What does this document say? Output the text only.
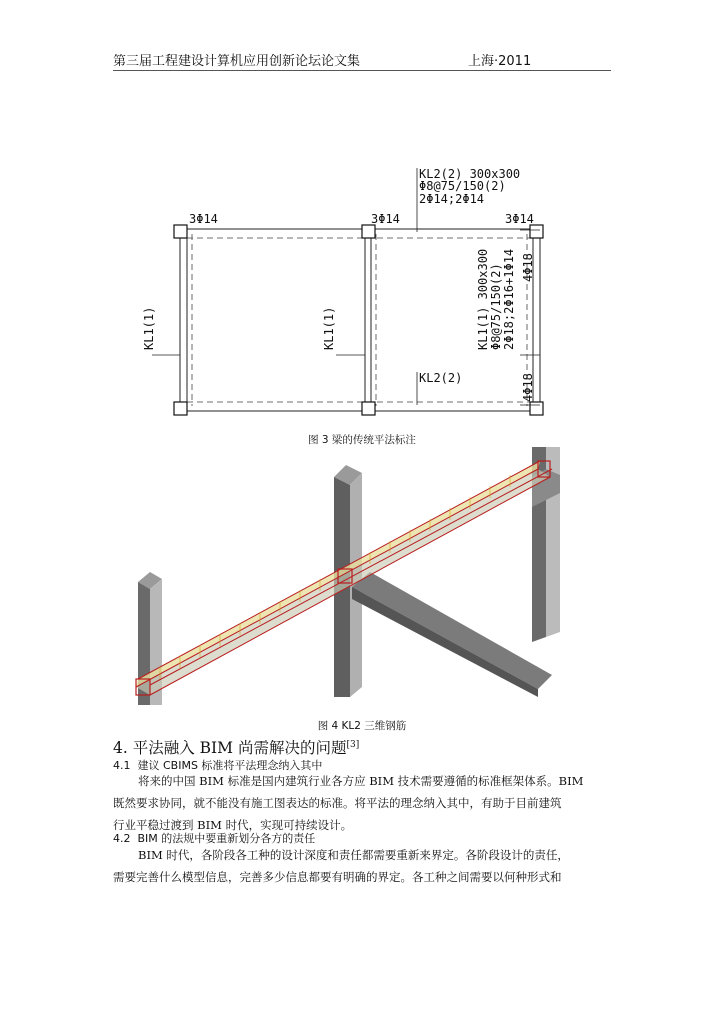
第三届工程建设计算机应用创新论坛论文集	上海·2011
KL2(2) 300x300
Φ8@75/150(2)
2Φ14;2Φ14
3Φ14	3Φ14	3Φ14
KL2(2)
KL1(1)	KL1(1)	KL1(1) 300x300 Φ8@75/150(2) 2Φ18;2Φ16+1Φ14 4Φ18
4Φ18
图 3 梁的传统平法标注
图 4 KL2 三维钢筋
4. 平法融入 BIM 尚需解决的问题[3]
4.1 建议 CBIMS 标准将平法理念纳入其中
将来的中国 BIM 标准是国内建筑行业各方应 BIM 技术需要遵循的标准框架体系。BIM
既然要求协同，就不能没有施工图表达的标准。将平法的理念纳入其中，有助于目前建筑
行业平稳过渡到 BIM 时代，实现可持续设计。
4.2 BIM 的法规中要重新划分各方的责任
BIM 时代，各阶段各工种的设计深度和责任都需要重新来界定。各阶段设计的责任，
需要完善什么模型信息，完善多少信息都要有明确的界定。各工种之间需要以何种形式和
